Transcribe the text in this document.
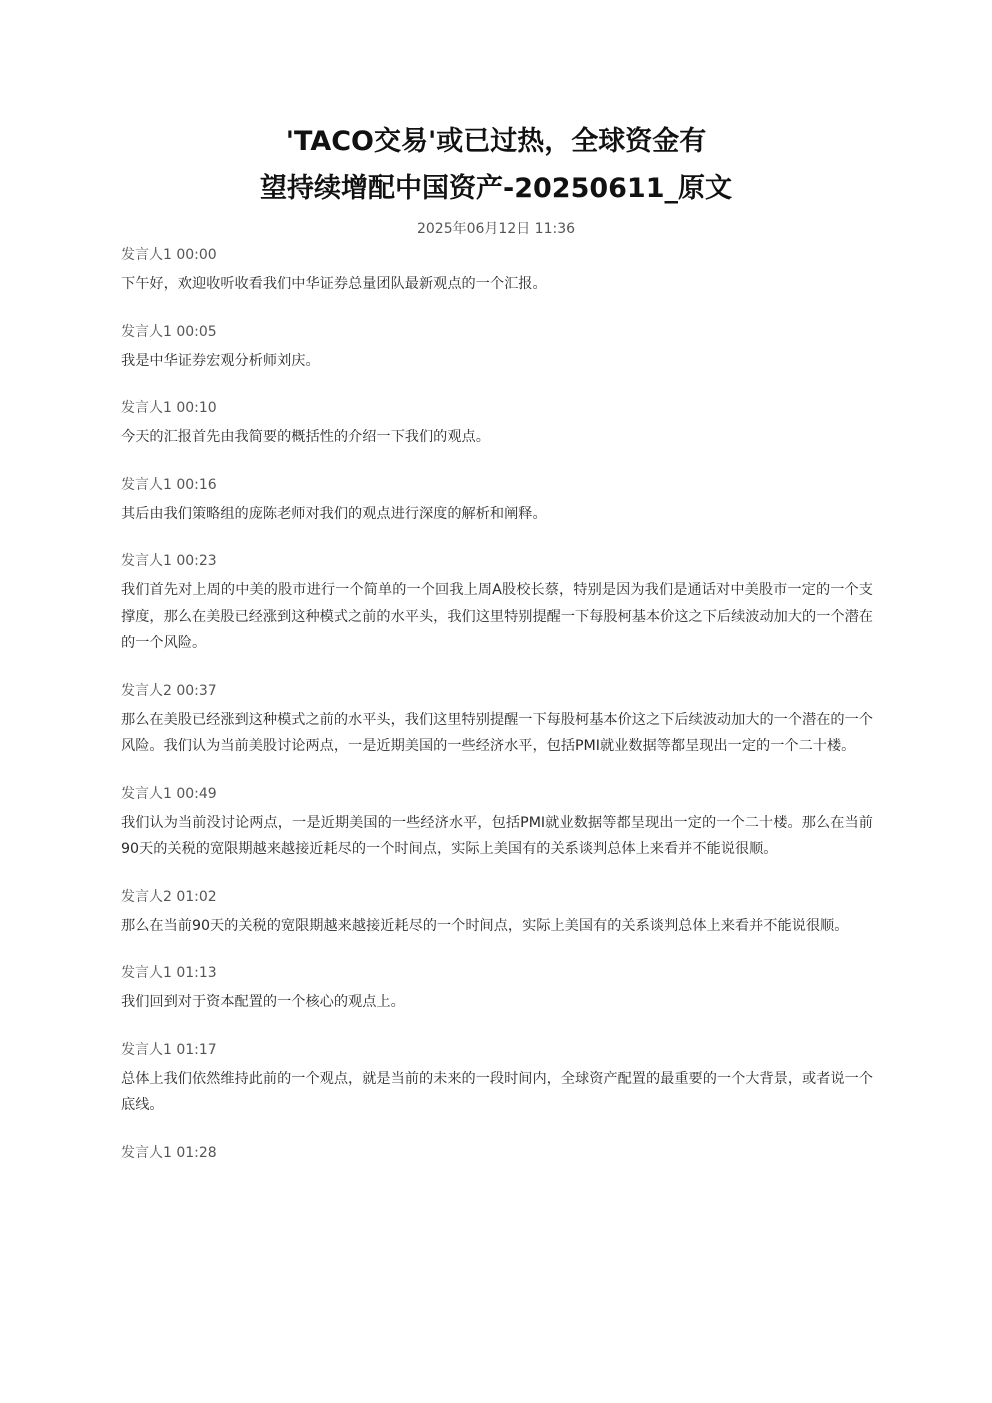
'TACO交易'或已过热，全球资金有
望持续增配中国资产-20250611_原文
2025年06月12日 11:36
发言人1 00:00

下午好，欢迎收听收看我们中华证券总量团队最新观点的一个汇报。

发言人1 00:05

我是中华证券宏观分析师刘庆。

发言人1 00:10

今天的汇报首先由我简要的概括性的介绍一下我们的观点。

发言人1 00:16

其后由我们策略组的庞陈老师对我们的观点进行深度的解析和阐释。

发言人1 00:23

我们首先对上周的中美的股市进行一个简单的一个回我上周A股校长蔡，特别是因为我们是通话对中美股市一定的一个支撑度，那么在美股已经涨到这种模式之前的水平头，我们这里特别提醒一下每股柯基本价这之下后续波动加大的一个潜在的一个风险。

发言人2 00:37

那么在美股已经涨到这种模式之前的水平头，我们这里特别提醒一下每股柯基本价这之下后续波动加大的一个潜在的一个风险。我们认为当前美股讨论两点，一是近期美国的一些经济水平，包括PMI就业数据等都呈现出一定的一个二十楼。

发言人1 00:49

我们认为当前没讨论两点，一是近期美国的一些经济水平，包括PMI就业数据等都呈现出一定的一个二十楼。那么在当前90天的关税的宽限期越来越接近耗尽的一个时间点，实际上美国有的关系谈判总体上来看并不能说很顺。

发言人2 01:02

那么在当前90天的关税的宽限期越来越接近耗尽的一个时间点，实际上美国有的关系谈判总体上来看并不能说很顺。

发言人1 01:13

我们回到对于资本配置的一个核心的观点上。

发言人1 01:17

总体上我们依然维持此前的一个观点，就是当前的未来的一段时间内，全球资产配置的最重要的一个大背景，或者说一个底线。

发言人1 01:28
